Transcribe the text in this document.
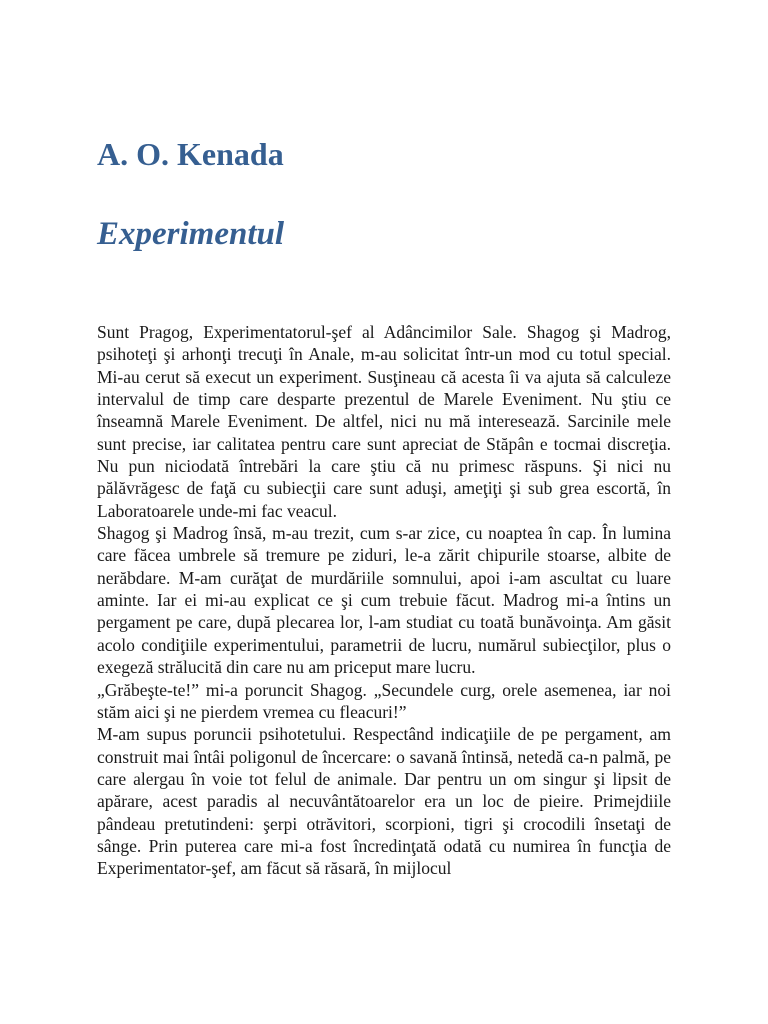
A. O. Kenada
Experimentul

Sunt Pragog, Experimentatorul-şef al Adâncimilor Sale. Shagog şi Madrog, psihoteţi şi arhonţi trecuţi în Anale, m-au solicitat într-un mod cu totul special. Mi-au cerut să execut un experiment. Susţineau că acesta îi va ajuta să calculeze intervalul de timp care desparte prezentul de Marele Eveniment. Nu ştiu ce înseamnă Marele Eveniment. De altfel, nici nu mă interesează. Sarcinile mele sunt precise, iar calitatea pentru care sunt apreciat de Stăpân e tocmai discreţia. Nu pun niciodată întrebări la care ştiu că nu primesc răspuns. Şi nici nu pălăvrăgesc de faţă cu subiecţii care sunt aduşi, ameţiţi şi sub grea escortă, în Laboratoarele unde-mi fac veacul.

Shagog şi Madrog însă, m-au trezit, cum s-ar zice, cu noaptea în cap. În lumina care făcea umbrele să tremure pe ziduri, le-a zărit chipurile stoarse, albite de nerăbdare. M-am curăţat de murdăriile somnului, apoi i-am ascultat cu luare aminte. Iar ei mi-au explicat ce şi cum trebuie făcut. Madrog mi-a întins un pergament pe care, după plecarea lor, l-am studiat cu toată bunăvoinţa. Am găsit acolo condiţiile experimentului, parametrii de lucru, numărul subiecţilor, plus o exegeză strălucită din care nu am priceput mare lucru.

„Grăbeşte-te!” mi-a poruncit Shagog. „Secundele curg, orele asemenea, iar noi stăm aici şi ne pierdem vremea cu fleacuri!”

M-am supus poruncii psihotetului. Respectând indicaţiile de pe pergament, am construit mai întâi poligonul de încercare: o savană întinsă, netedă ca-n palmă, pe care alergau în voie tot felul de animale. Dar pentru un om singur şi lipsit de apărare, acest paradis al necuvântătoarelor era un loc de pieire. Primejdiile pândeau pretutindeni: şerpi otrăvitori, scorpioni, tigri şi crocodili însetaţi de sânge. Prin puterea care mi-a fost încredinţată odată cu numirea în funcţia de Experimentator-şef, am făcut să răsară, în mijlocul
